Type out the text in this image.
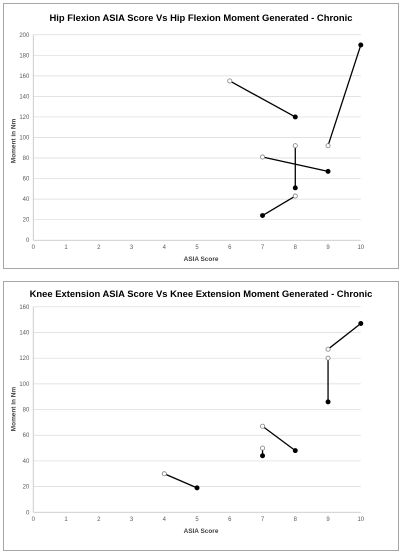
Hip Flexion ASIA Score Vs Hip Flexion Moment Generated - Chronic
ASIA Score
Moment in Nm
0
20
40
60
80
100
120
140
160
180
200
0	1	2	3	4	5	6	7	8	9	10
Knee Extension ASIA Score Vs Knee Extension Moment Generated - Chronic
ASIA Score
Moment in Nm
0
20
40
60
80
100
120
140
160
0	1	2	3	4	5	6	7	8	9	10
